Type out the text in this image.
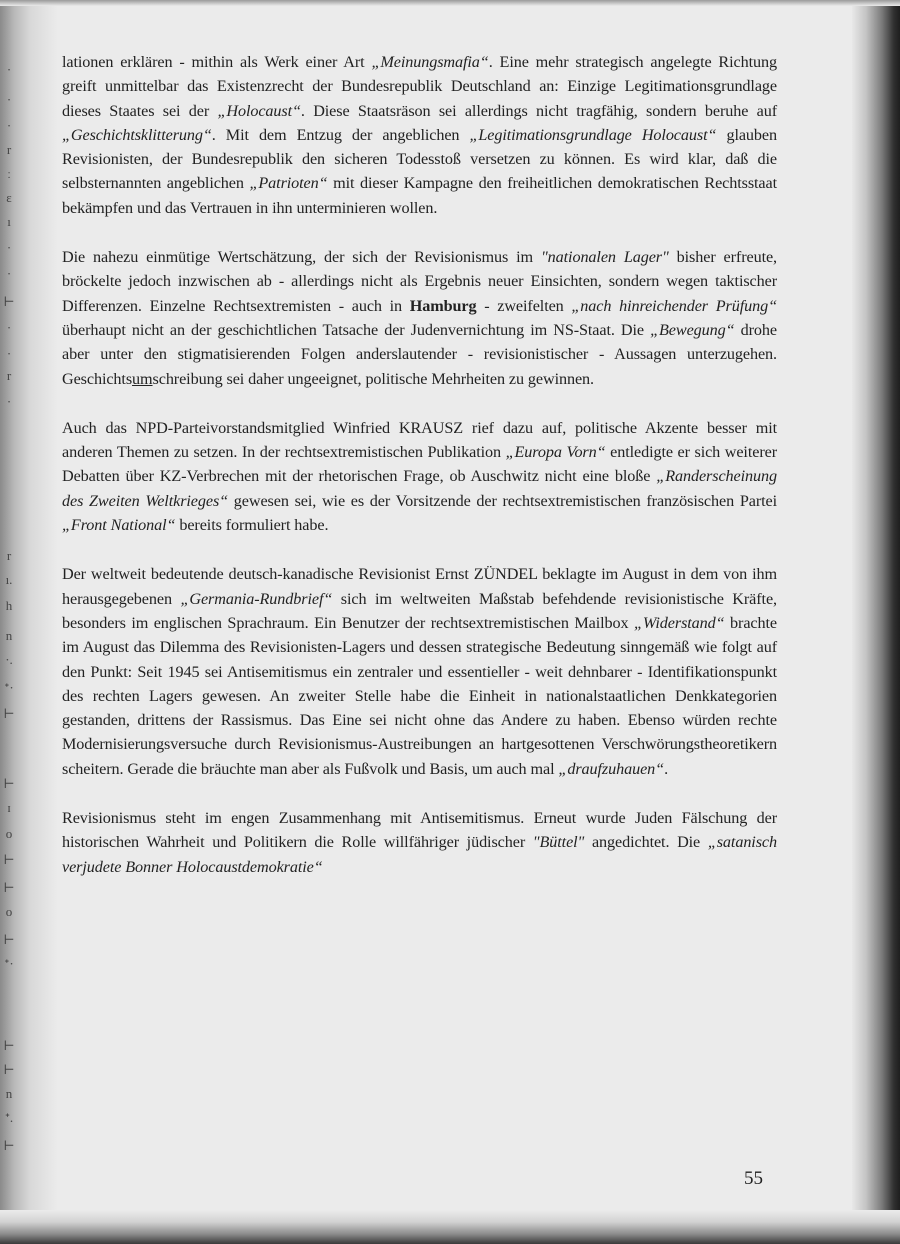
·
·
·
r
ː
ɛ
ı
·
·
⊢
·
·
r
·
r
ı.
h
n
·.
ᐩ·
⊢
⊢
ɪ
o
⊢
⊢
o
⊢
ᐩ·
⊢
⊢
n
ᐩ.
⊢

lationen erklären - mithin als Werk einer Art „Meinungsmafia“. Eine mehr strategisch angelegte Richtung greift unmittelbar das Existenzrecht der Bundesrepublik Deutschland an: Einzige Legitimationsgrundlage dieses Staates sei der „Holocaust“. Diese Staatsräson sei allerdings nicht tragfähig, sondern beruhe auf „Geschichtsklitterung“. Mit dem Entzug der angeblichen „Legitimationsgrundlage Holocaust“ glauben Revisionisten, der Bundesrepublik den sicheren Todesstoß versetzen zu können. Es wird klar, daß die selbsternannten angeblichen „Patrioten“ mit dieser Kampagne den freiheitlichen demokratischen Rechtsstaat bekämpfen und das Vertrauen in ihn unterminieren wollen.

Die nahezu einmütige Wertschätzung, der sich der Revisionismus im "nationalen Lager" bisher erfreute, bröckelte jedoch inzwischen ab - allerdings nicht als Ergebnis neuer Einsichten, sondern wegen taktischer Differenzen. Einzelne Rechtsextremisten - auch in Hamburg - zweifelten „nach hinreichender Prüfung“ überhaupt nicht an der geschichtlichen Tatsache der Judenvernichtung im NS-Staat. Die „Bewegung“ drohe aber unter den stigmatisierenden Folgen anderslautender - revisionistischer - Aussagen unterzugehen. Geschichtsumschreibung sei daher ungeeignet, politische Mehrheiten zu gewinnen.

Auch das NPD-Parteivorstandsmitglied Winfried KRAUSZ rief dazu auf, politische Akzente besser mit anderen Themen zu setzen. In der rechtsextremistischen Publikation „Europa Vorn“ entledigte er sich weiterer Debatten über KZ-Verbrechen mit der rhetorischen Frage, ob Auschwitz nicht eine bloße „Randerscheinung des Zweiten Weltkrieges“ gewesen sei, wie es der Vorsitzende der rechtsextremistischen französischen Partei „Front National“ bereits formuliert habe.

Der weltweit bedeutende deutsch-kanadische Revisionist Ernst ZÜNDEL beklagte im August in dem von ihm herausgegebenen „Germania-Rundbrief“ sich im weltweiten Maßstab befehdende revisionistische Kräfte, besonders im englischen Sprachraum. Ein Benutzer der rechtsextremistischen Mailbox „Widerstand“ brachte im August das Dilemma des Revisionisten-Lagers und dessen strategische Bedeutung sinngemäß wie folgt auf den Punkt: Seit 1945 sei Antisemitismus ein zentraler und essentieller - weit dehnbarer - Identifikationspunkt des rechten Lagers gewesen. An zweiter Stelle habe die Einheit in nationalstaatlichen Denkkategorien gestanden, drittens der Rassismus. Das Eine sei nicht ohne das Andere zu haben. Ebenso würden rechte Modernisierungsversuche durch Revisionismus-Austreibungen an hartgesottenen Verschwörungstheoretikern scheitern. Gerade die bräuchte man aber als Fußvolk und Basis, um auch mal „draufzuhauen“.

Revisionismus steht im engen Zusammenhang mit Antisemitismus. Erneut wurde Juden Fälschung der historischen Wahrheit und Politikern die Rolle willfähriger jüdischer "Büttel" angedichtet. Die „satanisch verjudete Bonner Holocaustdemokratie“

55
